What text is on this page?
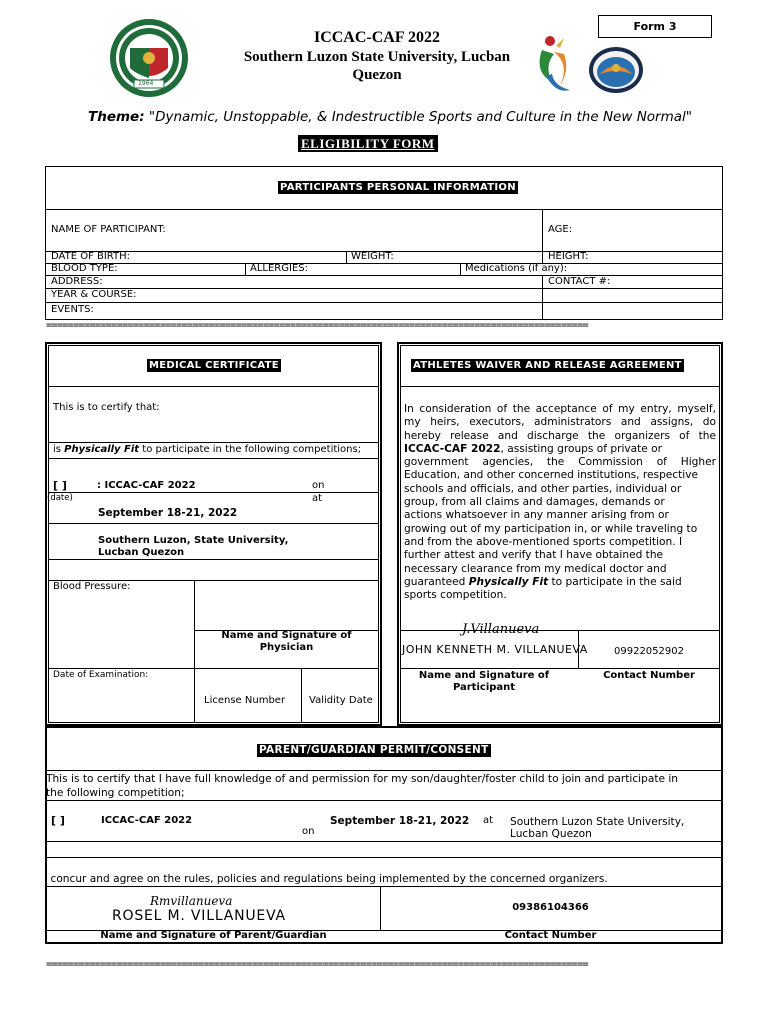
Form 3
1964
ICCAC-CAF 2022
Southern Luzon State University, Lucban
Quezon
Theme: "Dynamic, Unstoppable, & Indestructible Sports and Culture in the New Normal"
ELIGIBILITY FORM
PARTICIPANTS PERSONAL INFORMATION
NAME OF PARTICIPANT:	AGE:
DATE OF BIRTH:	WEIGHT:	HEIGHT:
BLOOD TYPE:	ALLERGIES:	Medications (if any):
ADDRESS:	CONTACT #:
YEAR & COURSE:
EVENTS:
====================================================================================================
MEDICAL CERTIFICATE
This is to certify that:
is Physically Fit to participate in the following competitions;
[ ]	: ICCAC-CAF 2022	on
(date)	at
September 18-21, 2022
Southern Luzon, State University,
Lucban Quezon
Blood Pressure:
Name and Signature of
Physician
Date of Examination:
License Number Validity Date
ATHLETES WAIVER AND RELEASE AGREEMENT
In consideration of the acceptance of my entry, myself,
my heirs, executors, administrators and assigns, do
hereby release and discharge the organizers of the
ICCAC-CAF 2022, assisting groups of private or
government agencies, the Commission of Higher
Education, and other concerned institutions, respective
schools and officials, and other parties, individual or
group, from all claims and damages, demands or
actions whatsoever in any manner arising from or
growing out of my participation in, or while traveling to
and from the above-mentioned sports competition. I
further attest and verify that I have obtained the
necessary clearance from my medical doctor and
guaranteed Physically Fit to participate in the said
sports competition.
J.Villanueva
JOHN KENNETH M. VILLANUEVA	09922052902
Name and Signature of
Participant
Contact Number
PARENT/GUARDIAN PERMIT/CONSENT
This is to certify that I have full knowledge of and permission for my son/daughter/foster child to join and participate in
the following competition;
[ ]	ICCAC-CAF 2022
on
September 18-21, 2022 at Southern Luzon State University,
Lucban Quezon
I concur and agree on the rules, policies and regulations being implemented by the concerned organizers.
Rmvillanueva
ROSEL M. VILLANUEVA
09386104366
Name and Signature of Parent/Guardian	Contact Number
====================================================================================================
